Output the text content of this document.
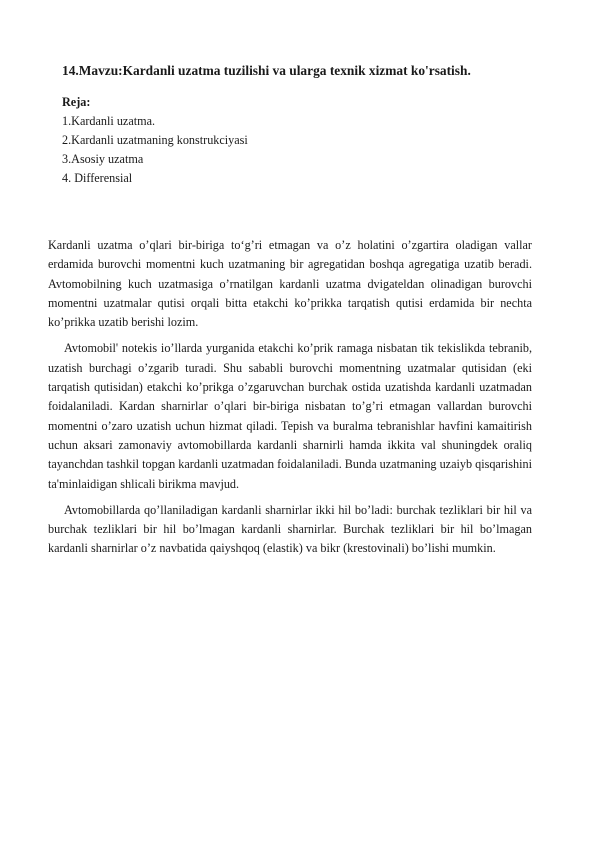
14.Mavzu:Kardanli uzatma tuzilishi va ularga texnik xizmat ko'rsatish.
Reja:
1.Kardanli uzatma.
2.Kardanli uzatmaning konstrukciyasi
3.Asosiy uzatma
4. Differensial

Kardanli uzatma o’qlari bir-biriga to‘g’ri etmagan va o’z holatini o’zgartira oladigan vallar erdamida burovchi momentni kuch uzatmaning bir agregatidan boshqa agregatiga uzatib beradi. Avtomobilning kuch uzatmasiga o’rnatilgan kardanli uzatma dvigateldan olinadigan burovchi momentni uzatmalar qutisi orqali bitta etakchi ko’prikka tarqatish qutisi erdamida bir nechta ko’prikka uzatib berishi lozim.

Avtomobil' notekis io’llarda yurganida etakchi ko’prik ramaga nisbatan tik tekislikda tebranib, uzatish burchagi o’zgarib turadi. Shu sababli burovchi momentning uzatmalar qutisidan (eki tarqatish qutisidan) etakchi ko’prikga o’zgaruvchan burchak ostida uzatishda kardanli uzatmadan foidalaniladi. Kardan sharnirlar o’qlari bir-biriga nisbatan to’g’ri etmagan vallardan burovchi momentni o’zaro uzatish uchun hizmat qiladi. Tepish va buralma tebranishlar havfini kamaitirish uchun aksari zamonaviy avtomobillarda kardanli sharnirli hamda ikkita val shuningdek oraliq tayanchdan tashkil topgan kardanli uzatmadan foidalaniladi. Bunda uzatmaning uzaiyb qisqarishini ta'minlaidigan shlicali birikma mavjud.

Avtomobillarda qo’llaniladigan kardanli sharnirlar ikki hil bo’ladi: burchak tezliklari bir hil va burchak tezliklari bir hil bo’lmagan kardanli sharnirlar. Burchak tezliklari bir hil bo’lmagan kardanli sharnirlar o’z navbatida qaiyshqoq (elastik) va bikr (krestovinali) bo’lishi mumkin.
